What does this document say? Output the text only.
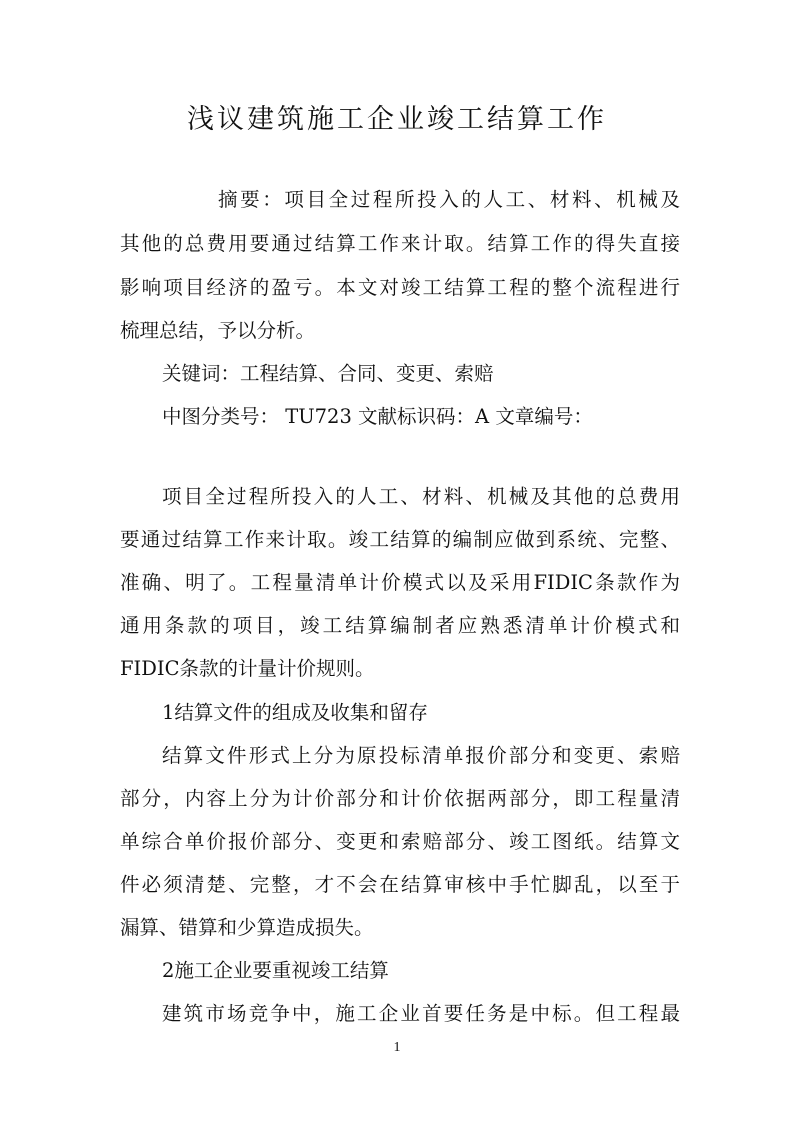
浅议建筑施工企业竣工结算工作
摘要：项目全过程所投入的人工、材料、机械及
其他的总费用要通过结算工作来计取。结算工作的得失直接
影响项目经济的盈亏。本文对竣工结算工程的整个流程进行
梳理总结，予以分析。
关键词：工程结算、合同、变更、索赔
中图分类号： TU723 文献标识码：A 文章编号：
项目全过程所投入的人工、材料、机械及其他的总费用
要通过结算工作来计取。竣工结算的编制应做到系统、完整、
准确、明了。工程量清单计价模式以及采用FIDIC条款作为
通用条款的项目，竣工结算编制者应熟悉清单计价模式和
FIDIC条款的计量计价规则。
1结算文件的组成及收集和留存
结算文件形式上分为原投标清单报价部分和变更、索赔
部分，内容上分为计价部分和计价依据两部分，即工程量清
单综合单价报价部分、变更和索赔部分、竣工图纸。结算文
件必须清楚、完整，才不会在结算审核中手忙脚乱，以至于
漏算、错算和少算造成损失。
2施工企业要重视竣工结算
建筑市场竞争中，施工企业首要任务是中标。但工程最
1
